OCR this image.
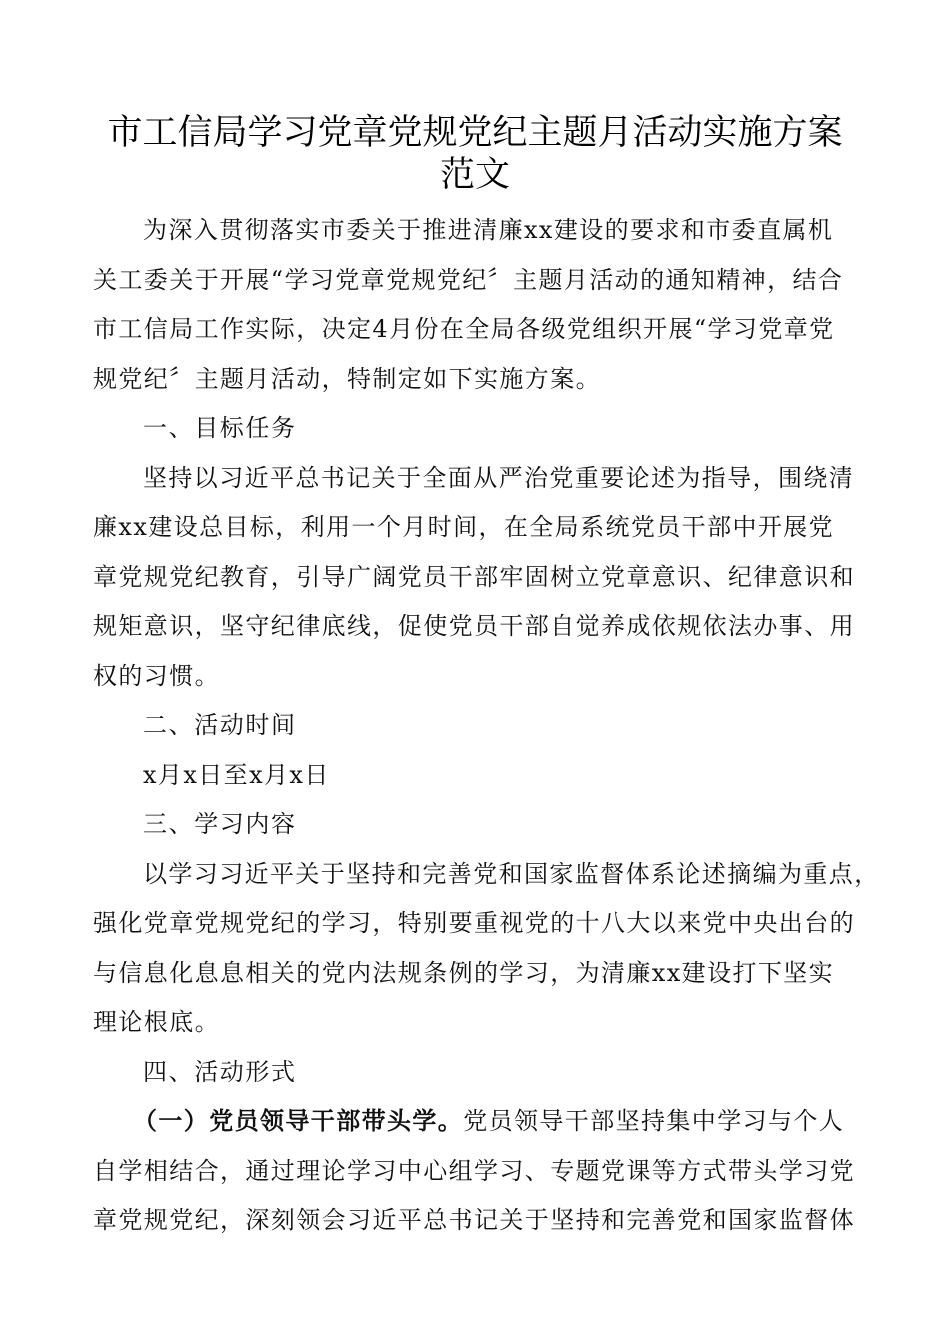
市工信局学习党章党规党纪主题月活动实施方案
范文
为深入贯彻落实市委关于推进清廉xx建设的要求和市委直属机
关工委关于开展“学习党章党规党纪〞主题月活动的通知精神，结合
市工信局工作实际，决定4月份在全局各级党组织开展“学习党章党
规党纪〞主题月活动，特制定如下实施方案。
一、目标任务
坚持以习近平总书记关于全面从严治党重要论述为指导，围绕清
廉xx建设总目标，利用一个月时间，在全局系统党员干部中开展党
章党规党纪教育，引导广阔党员干部牢固树立党章意识、纪律意识和
规矩意识，坚守纪律底线，促使党员干部自觉养成依规依法办事、用
权的习惯。
二、活动时间
x月x日至x月x日
三、学习内容
以学习习近平关于坚持和完善党和国家监督体系论述摘编为重点，
强化党章党规党纪的学习，特别要重视党的十八大以来党中央出台的
与信息化息息相关的党内法规条例的学习，为清廉xx建设打下坚实
理论根底。
四、活动形式
（一）党员领导干部带头学。党员领导干部坚持集中学习与个人
自学相结合，通过理论学习中心组学习、专题党课等方式带头学习党
章党规党纪，深刻领会习近平总书记关于坚持和完善党和国家监督体
